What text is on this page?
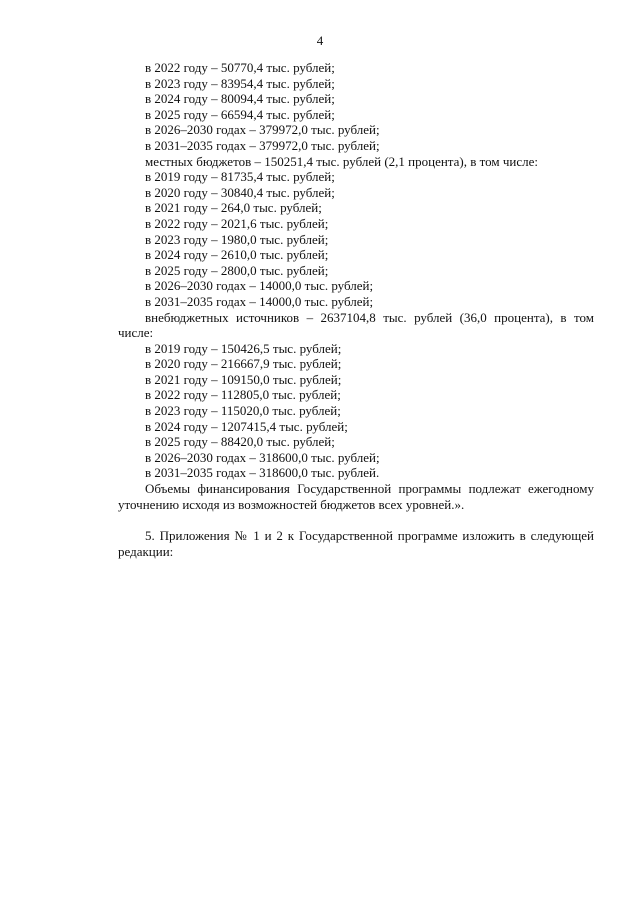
4
в 2022 году – 50770,4 тыс. рублей;
в 2023 году – 83954,4 тыс. рублей;
в 2024 году – 80094,4 тыс. рублей;
в 2025 году – 66594,4 тыс. рублей;
в 2026–2030 годах – 379972,0 тыс. рублей;
в 2031–2035 годах – 379972,0 тыс. рублей;
местных бюджетов – 150251,4 тыс. рублей (2,1 процента), в том числе:
в 2019 году – 81735,4 тыс. рублей;
в 2020 году – 30840,4 тыс. рублей;
в 2021 году – 264,0 тыс. рублей;
в 2022 году – 2021,6 тыс. рублей;
в 2023 году – 1980,0 тыс. рублей;
в 2024 году – 2610,0 тыс. рублей;
в 2025 году – 2800,0 тыс. рублей;
в 2026–2030 годах – 14000,0 тыс. рублей;
в 2031–2035 годах – 14000,0 тыс. рублей;
внебюджетных источников – 2637104,8 тыс. рублей (36,0 процента), в том числе:
в 2019 году – 150426,5 тыс. рублей;
в 2020 году – 216667,9 тыс. рублей;
в 2021 году – 109150,0 тыс. рублей;
в 2022 году – 112805,0 тыс. рублей;
в 2023 году – 115020,0 тыс. рублей;
в 2024 году – 1207415,4 тыс. рублей;
в 2025 году – 88420,0 тыс. рублей;
в 2026–2030 годах – 318600,0 тыс. рублей;
в 2031–2035 годах – 318600,0 тыс. рублей.
Объемы финансирования Государственной программы подлежат ежегодному уточнению исходя из возможностей бюджетов всех уровней.».
5. Приложения № 1 и 2 к Государственной программе изложить в следующей редакции:
